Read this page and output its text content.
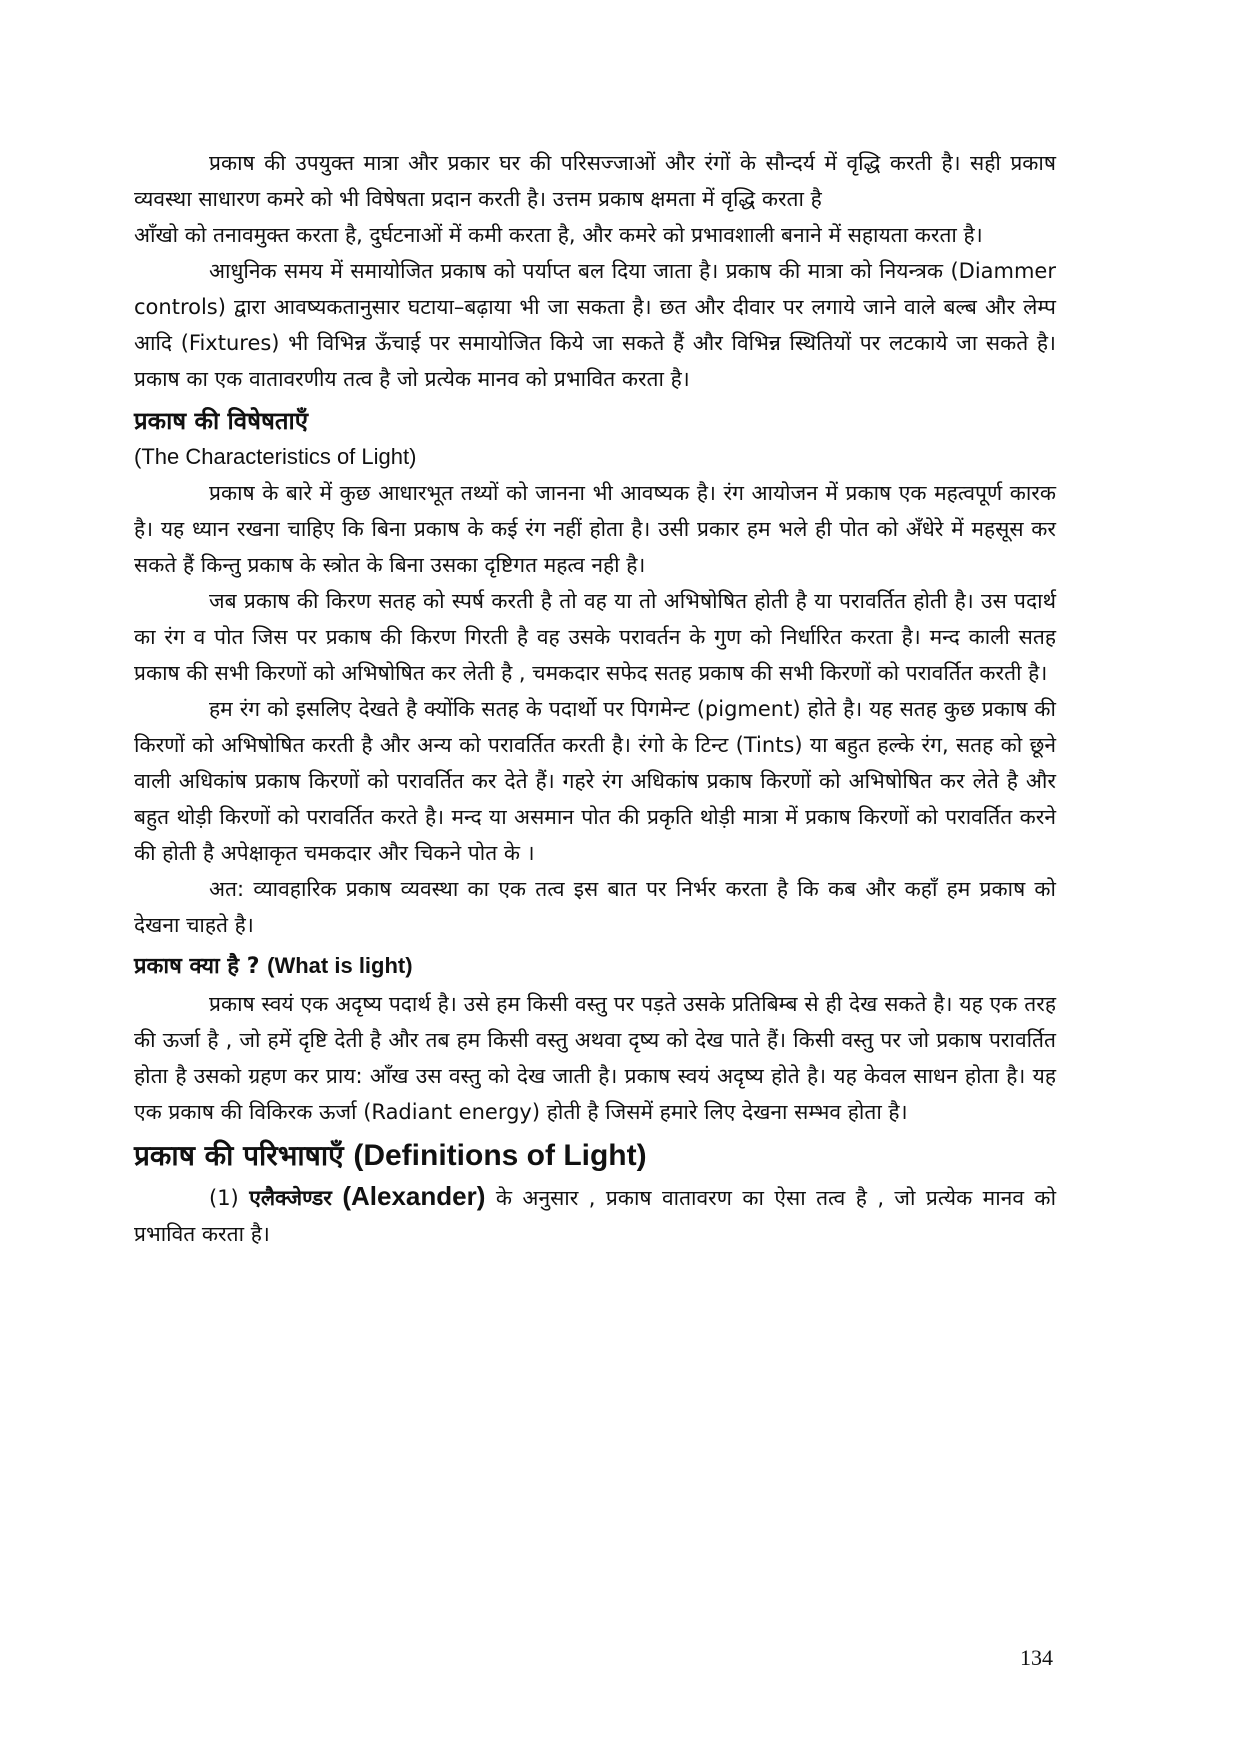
प्रकाष की उपयुक्त मात्रा और प्रकार घर की परिसज्जाओं और रंगों के सौन्दर्य में वृद्धि करती है। सही प्रकाष व्यवस्था साधारण कमरे को भी विषेषता प्रदान करती है। उत्तम प्रकाष क्षमता में वृद्धि करता है

आँखो को तनावमुक्त करता है, दुर्घटनाओं में कमी करता है, और कमरे को प्रभावशाली बनाने में सहायता करता है।

आधुनिक समय में समायोजित प्रकाष को पर्याप्त बल दिया जाता है। प्रकाष की मात्रा को नियन्त्रक (Diammer controls) द्वारा आवष्यकतानुसार घटाया–बढ़ाया भी जा सकता है। छत और दीवार पर लगाये जाने वाले बल्ब और लेम्प आदि (Fixtures) भी विभिन्न ऊँचाई पर समायोजित किये जा सकते हैं और विभिन्न स्थितियों पर लटकाये जा सकते है। प्रकाष का एक वातावरणीय तत्व है जो प्रत्येक मानव को प्रभावित करता है।

प्रकाष की विषेषताएँ
(The Characteristics of Light)

प्रकाष के बारे में कुछ आधारभूत तथ्यों को जानना भी आवष्यक है। रंग आयोजन में प्रकाष एक महत्वपूर्ण कारक है। यह ध्यान रखना चाहिए कि बिना प्रकाष के कई रंग नहीं होता है। उसी प्रकार हम भले ही पोत को अँधेरे में महसूस कर सकते हैं किन्तु प्रकाष के स्त्रोत के बिना उसका दृष्टिगत महत्व नही है।

जब प्रकाष की किरण सतह को स्पर्ष करती है तो वह या तो अभिषोषित होती है या परावर्तित होती है। उस पदार्थ का रंग व पोत जिस पर प्रकाष की किरण गिरती है वह उसके परावर्तन के गुण को निर्धारित करता है। मन्द काली सतह प्रकाष की सभी किरणों को अभिषोषित कर लेती है , चमकदार सफेद सतह प्रकाष की सभी किरणों को परावर्तित करती है।

हम रंग को इसलिए देखते है क्योंकि सतह के पदार्थो पर पिगमेन्ट (pigment) होते है। यह सतह कुछ प्रकाष की किरणों को अभिषोषित करती है और अन्य को परावर्तित करती है। रंगो के टिन्ट (Tints) या बहुत हल्के रंग, सतह को छूने वाली अधिकांष प्रकाष किरणों को परावर्तित कर देते हैं। गहरे रंग अधिकांष प्रकाष किरणों को अभिषोषित कर लेते है और बहुत थोड़ी किरणों को परावर्तित करते है। मन्द या असमान पोत की प्रकृति थोड़ी मात्रा में प्रकाष किरणों को परावर्तित करने की होती है अपेक्षाकृत चमकदार और चिकने पोत के ।

अत: व्यावहारिक प्रकाष व्यवस्था का एक तत्व इस बात पर निर्भर करता है कि कब और कहाँ हम प्रकाष को देखना चाहते है।

प्रकाष क्या है ? (What is light)

प्रकाष स्वयं एक अदृष्य पदार्थ है। उसे हम किसी वस्तु पर पड़ते उसके प्रतिबिम्ब से ही देख सकते है। यह एक तरह की ऊर्जा है , जो हमें दृष्टि देती है और तब हम किसी वस्तु अथवा दृष्य को देख पाते हैं। किसी वस्तु पर जो प्रकाष परावर्तित होता है उसको ग्रहण कर प्राय: आँख उस वस्तु को देख जाती है। प्रकाष स्वयं अदृष्य होते है। यह केवल साधन होता है। यह एक प्रकाष की विकिरक ऊर्जा (Radiant energy) होती है जिसमें हमारे लिए देखना सम्भव होता है।

प्रकाष की परिभाषाएँ (Definitions of Light)

(1) एलैक्जेण्डर (Alexander) के अनुसार , प्रकाष वातावरण का ऐसा तत्व है , जो प्रत्येक मानव को प्रभावित करता है।

134
